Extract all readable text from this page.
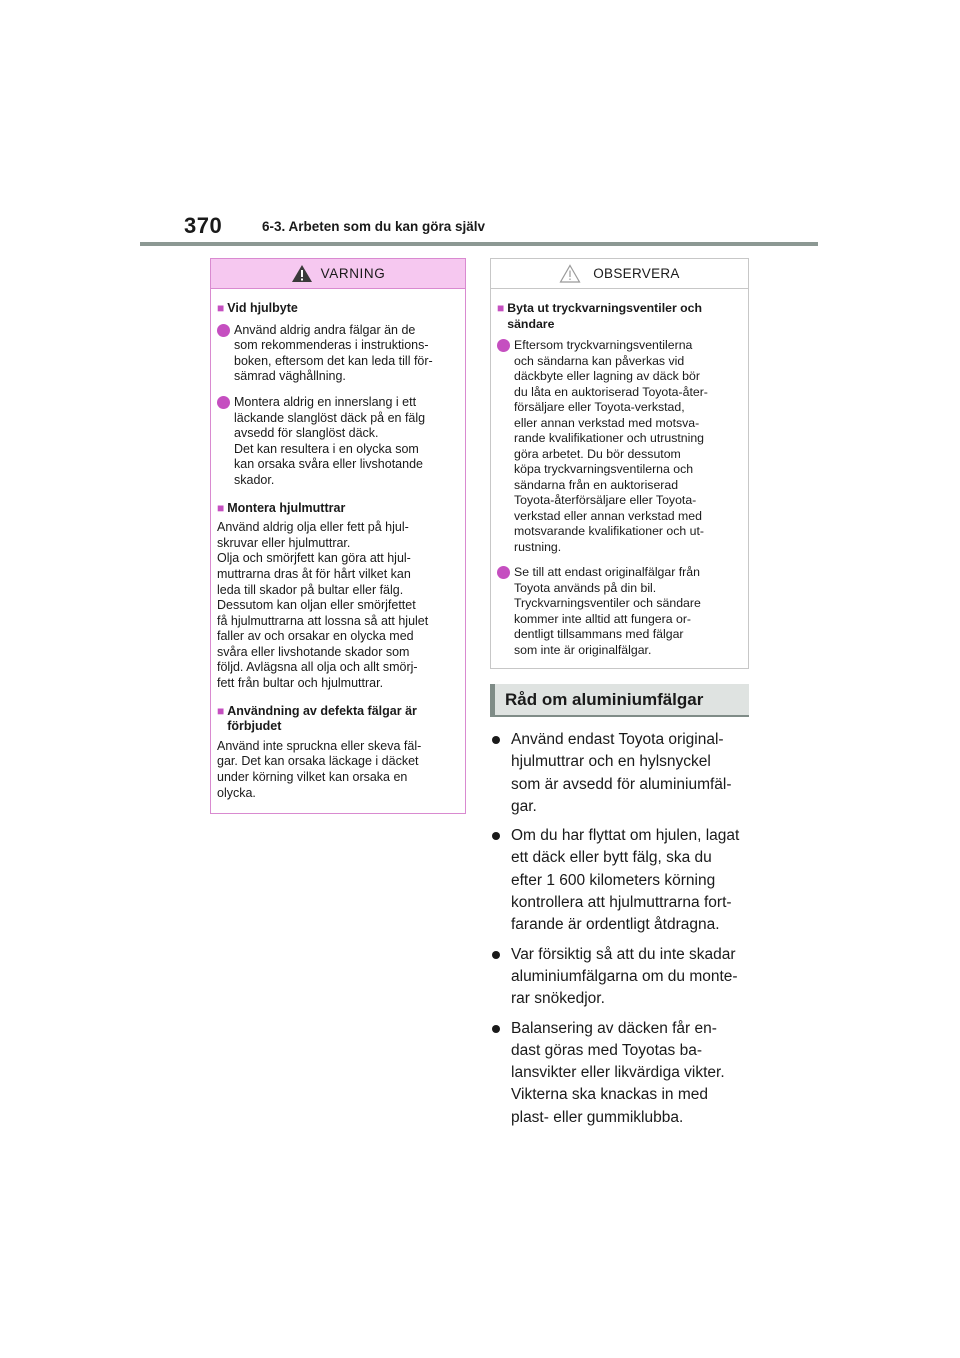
370	6-3. Arbeten som du kan göra själv
VARNING
■ Vid hjulbyte
Använd aldrig andra fälgar än de
som rekommenderas i instruktions-
boken, eftersom det kan leda till för-
sämrad väghållning.
Montera aldrig en innerslang i ett
läckande slanglöst däck på en fälg
avsedd för slanglöst däck.
Det kan resultera i en olycka som
kan orsaka svåra eller livshotande
skador.
■ Montera hjulmuttrar
Använd aldrig olja eller fett på hjul-
skruvar eller hjulmuttrar.
Olja och smörjfett kan göra att hjul-
muttrarna dras åt för hårt vilket kan
leda till skador på bultar eller fälg.
Dessutom kan oljan eller smörjfettet
få hjulmuttrarna att lossna så att hjulet
faller av och orsakar en olycka med
svåra eller livshotande skador som
följd. Avlägsna all olja och allt smörj-
fett från bultar och hjulmuttrar.
■ Användning av defekta fälgar är
förbjudet
Använd inte spruckna eller skeva fäl-
gar. Det kan orsaka läckage i däcket
under körning vilket kan orsaka en
olycka.
OBSERVERA
■ Byta ut tryckvarningsventiler och
sändare
Eftersom tryckvarningsventilerna
och sändarna kan påverkas vid
däckbyte eller lagning av däck bör
du låta en auktoriserad Toyota-åter-
försäljare eller Toyota-verkstad,
eller annan verkstad med motsva-
rande kvalifikationer och utrustning
göra arbetet. Du bör dessutom
köpa tryckvarningsventilerna och
sändarna från en auktoriserad
Toyota-återförsäljare eller Toyota-
verkstad eller annan verkstad med
motsvarande kvalifikationer och ut-
rustning.
Se till att endast originalfälgar från
Toyota används på din bil.
Tryckvarningsventiler och sändare
kommer inte alltid att fungera or-
dentligt tillsammans med fälgar
som inte är originalfälgar.
Råd om aluminiumfälgar
Använd endast Toyota original-
hjulmuttrar och en hylsnyckel
som är avsedd för aluminiumfäl-
gar.
Om du har flyttat om hjulen, lagat
ett däck eller bytt fälg, ska du
efter 1 600 kilometers körning
kontrollera att hjulmuttrarna fort-
farande är ordentligt åtdragna.
Var försiktig så att du inte skadar
aluminiumfälgarna om du monte-
rar snökedjor.
Balansering av däcken får en-
dast göras med Toyotas ba-
lansvikter eller likvärdiga vikter.
Vikterna ska knackas in med
plast- eller gummiklubba.
